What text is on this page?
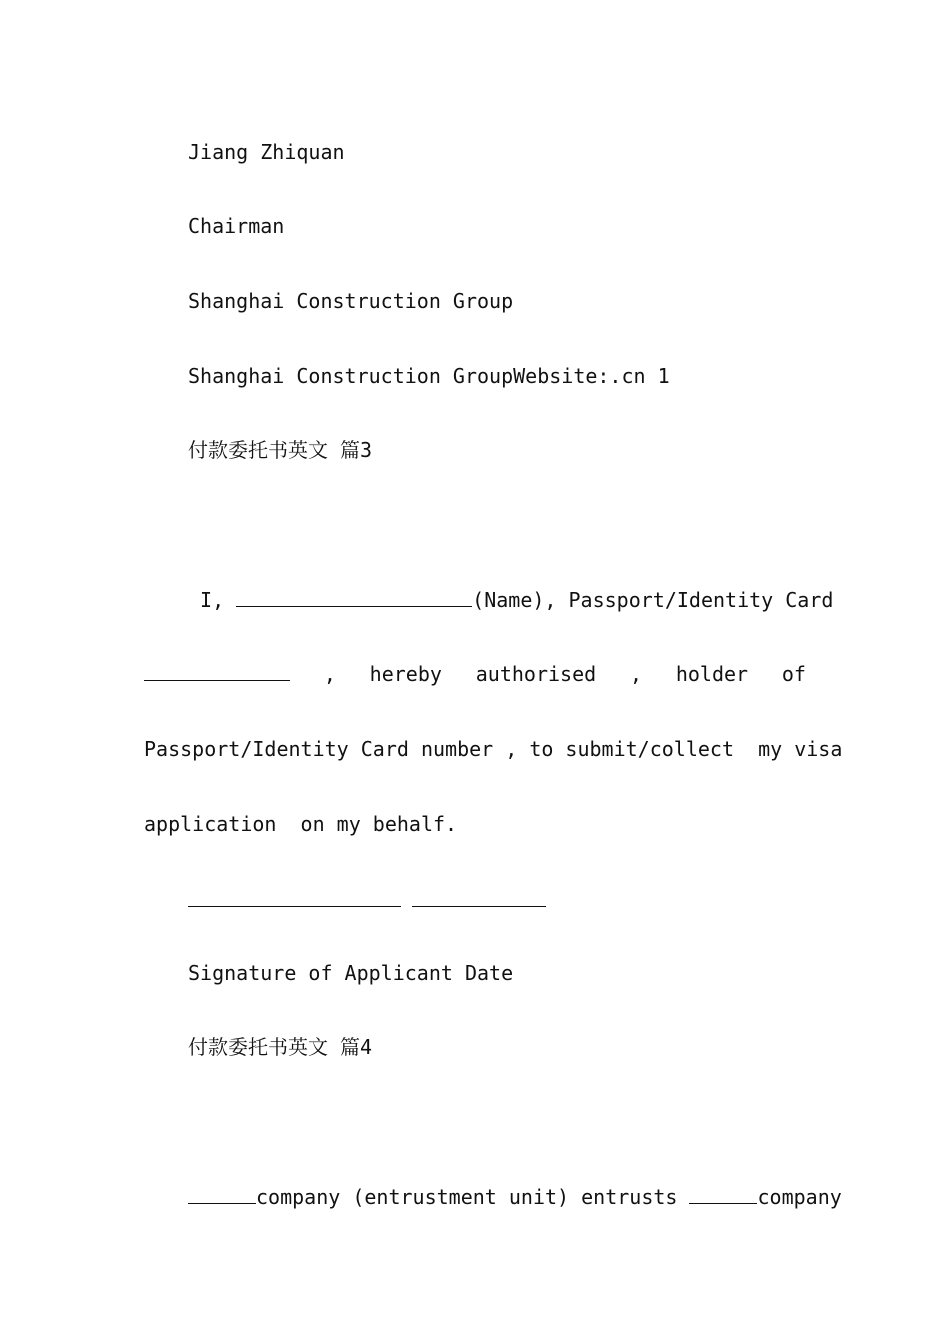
Jiang Zhiquan
Chairman
Shanghai Construction Group
Shanghai Construction GroupWebsite:.cn 1
付款委托书英文 篇3
I,	(Name), Passport/Identity Card
, hereby authorised , holder of
Passport/Identity Card number , to submit/collect  my visa
application  on my behalf.
Signature of Applicant Date
付款委托书英文 篇4
company (entrustment unit) entrusts	company
